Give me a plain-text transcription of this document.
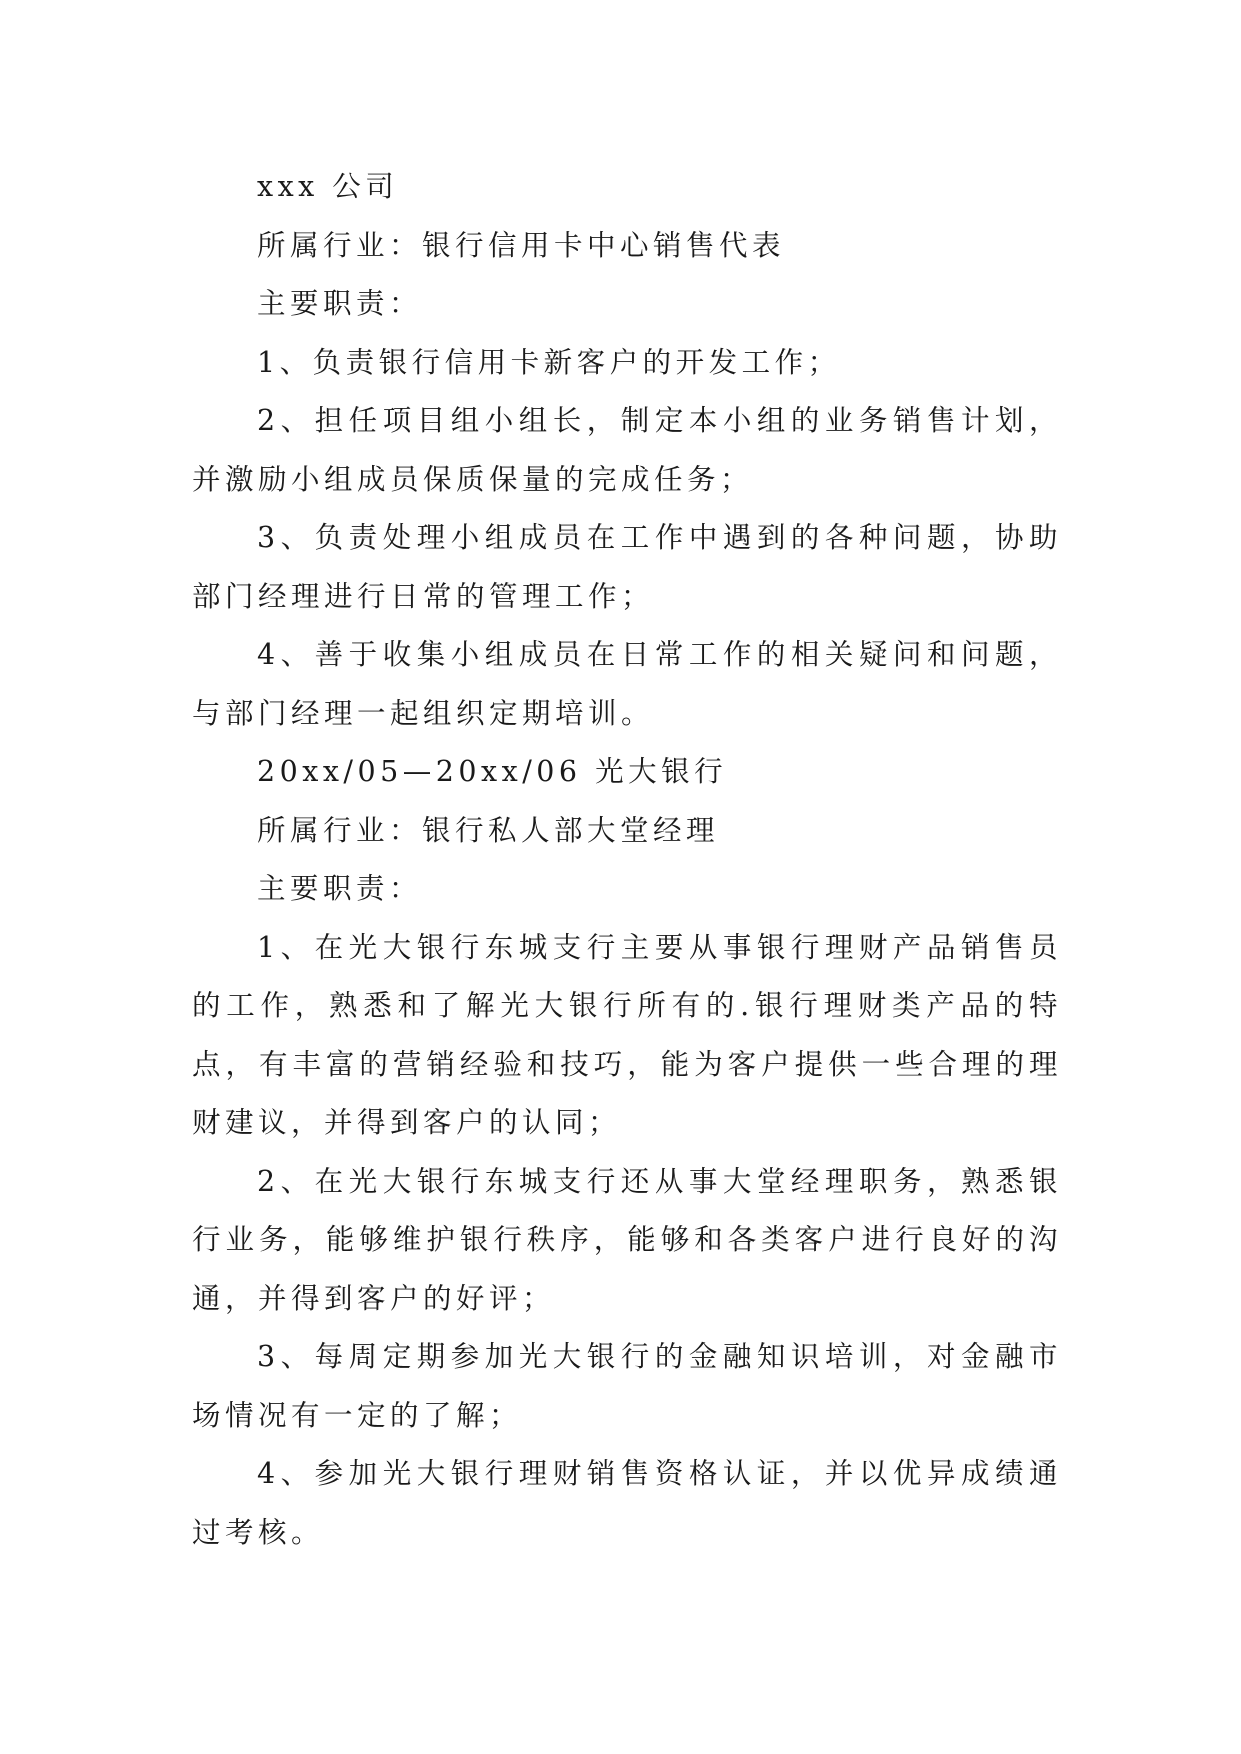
xxx 公司

所属行业：银行信用卡中心销售代表

主要职责：

1、负责银行信用卡新客户的开发工作；

2、担任项目组小组长，制定本小组的业务销售计划，并激励小组成员保质保量的完成任务；

3、负责处理小组成员在工作中遇到的各种问题，协助部门经理进行日常的管理工作；

4、善于收集小组成员在日常工作的相关疑问和问题，与部门经理一起组织定期培训。

20xx/05—20xx/06 光大银行

所属行业：银行私人部大堂经理

主要职责：

1、在光大银行东城支行主要从事银行理财产品销售员的工作，熟悉和了解光大银行所有的.银行理财类产品的特点，有丰富的营销经验和技巧，能为客户提供一些合理的理财建议，并得到客户的认同；

2、在光大银行东城支行还从事大堂经理职务，熟悉银行业务，能够维护银行秩序，能够和各类客户进行良好的沟通，并得到客户的好评；

3、每周定期参加光大银行的金融知识培训，对金融市场情况有一定的了解；

4、参加光大银行理财销售资格认证，并以优异成绩通过考核。
